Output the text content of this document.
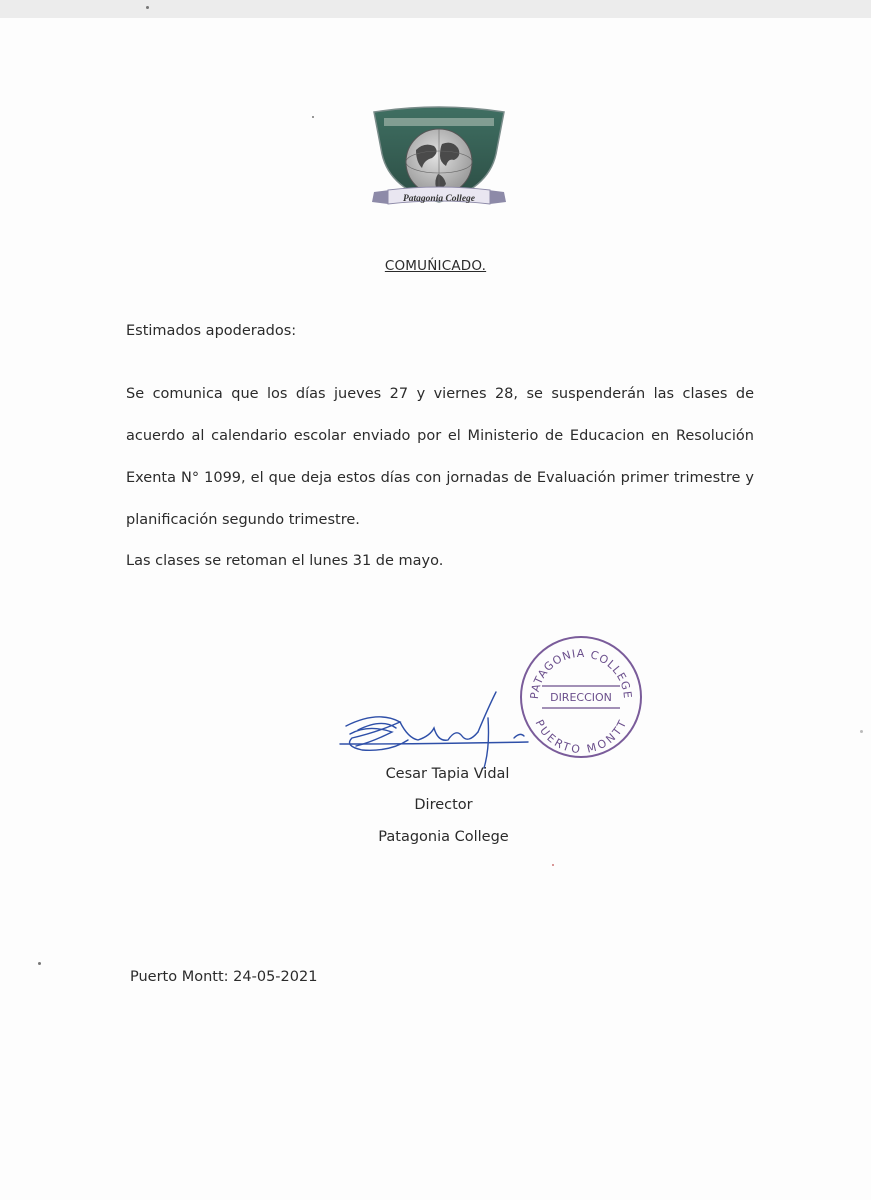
Patagonia College
COMUŃICADO.
Estimados apoderados:

Se comunica que los días jueves 27 y viernes 28, se suspenderán las clases de acuerdo al calendario escolar enviado por el Ministerio de Educacion en Resolución Exenta N° 1099, el que deja estos días con jornadas de Evaluación primer trimestre y planificación segundo trimestre.

Las clases se retoman el lunes 31 de mayo.
PATAGONIA COLLEGE
PUERTO MONTT
DIRECCION
Cesar Tapia Vidal
Director
Patagonia College
Puerto Montt: 24-05-2021
